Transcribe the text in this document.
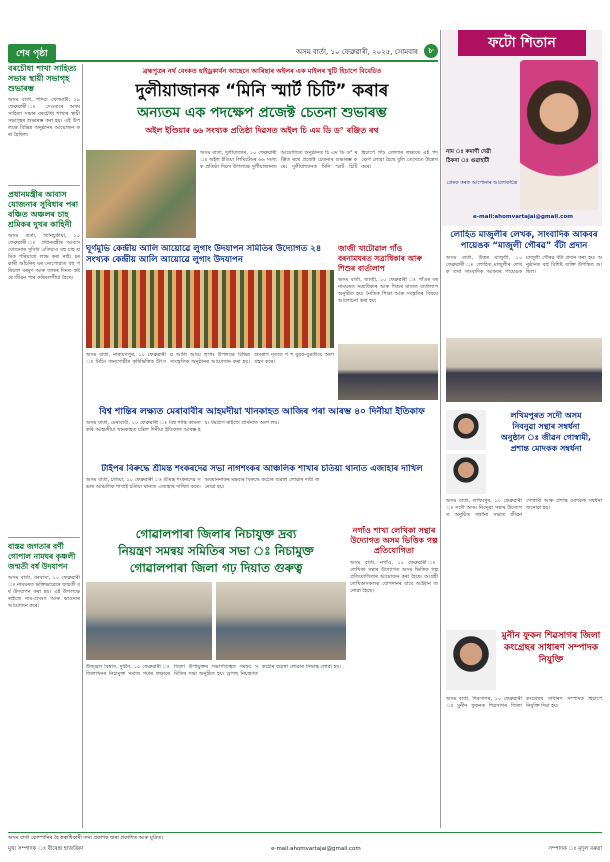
শেষ পৃষ্ঠা	অসম বাৰ্তা, ১০ ফেব্ৰুৱাৰী, ২০২৫, সোমবাৰ	৮
ব্ৰহ্মপুত্ৰৰ নৰ্থ বেংকত হাইড্ৰকাৰ্বন আছেনে আৰিছাৰ অইলৰ এক মাইলৰ খুটি হিচাপে বিবেচিত
দুলীয়াজানক “মিনি স্মাৰ্ট চিটি” কৰাৰ
অন্যতম এক পদক্ষেপ প্ৰজেক্ট চেতনা শুভাৰম্ভ
অইল ইণ্ডিয়াৰ ৬৬ সংখ্যক প্ৰতিষ্ঠা দিৱসত অইল চি এম ডি ড° ৰঞ্জিত ৰথ
বৰচৌধা শাখা সাহিত্য সভাৰ স্থায়ী সভাগৃহ শুভাৰম্ভ
অসম বাৰ্তা, শদিয়া খেলমাটী, ১৯ ফেব্ৰুৱাৰী ঃ দেওবাৰে অসম সাহিত্য সভাৰ বৰচৌধা শাখাৰ স্থায়ী সভাগৃহৰ শুভাৰম্ভ কৰা হয়। এই উপলক্ষে বিভিন্ন অনুষ্ঠানৰ আয়োজন কৰা হৈছিল।
প্ৰধানমন্ত্ৰীৰ আবাস যোজনাৰ সুবিধাৰ পৰা বঞ্চিত অঞ্চলৰ চাহ শ্ৰমিকৰ দুখৰ কাহিনী
অসম বাৰ্তা, তিনিচুকীয়া, ১০ ফেব্ৰুৱাৰী ঃ প্ৰধানমন্ত্ৰীৰ আবাস যোজনাৰ সুবিধা এতিয়াও বহু চাহ শ্ৰমিক পৰিয়ালে লাভ কৰা নাই। চৰকাৰী আঁচনিৰ ঘৰ নোপোৱাত বহু পৰিয়াল বৰষুণ আৰু জাৰৰ দিনত কষ্টৰে জীৱন পাৰ কৰিবলগীয়া হৈছে।
বাস্তৱ জগতাৰ বৰ্ণী গোপাল নামঘৰ কৃষ্ণলী জন্মতী বৰ্ষ উদযাপন
অসম বাৰ্তা, বৰবাসা, ১০ ফেব্ৰুৱাৰী ঃ নামঘৰত ভক্তিভাৱেৰে জন্মতী বৰ্ষ উদযাপন কৰা হয়। এই উপলক্ষে ৰাইজে নাম-প্ৰসংগ আৰু ভাওনাৰ আয়োজন কৰে।
অসম বাৰ্তা, দুলীয়াজান, ১০ ফেব্ৰুৱাৰী ঃ অইল ইণ্ডিয়া লিমিটেডৰ ৬৬ সংখ্যক প্ৰতিষ্ঠা দিৱস উপলক্ষে দুলীয়াজানত আয়োজিত অনুষ্ঠানত চি এম ডি ড° ৰঞ্জিত ৰথে প্ৰজেক্ট চেতনাৰ শুভাৰম্ভ কৰে। দুলীয়াজানক মিনি স্মাৰ্ট চিটি হিচাপে গঢ়ি তোলাৰ লক্ষ্যৰে এই পদক্ষেপ লোৱা হৈছে বুলি তেখেতে উল্লেখ কৰে।
ঘূৰ্ণমুভি কেন্দ্ৰীয় আলি আয়োৱে লুগাং উদযাপন সমিতিৰ উদ্যোগত ২৪ সংখ্যক কেন্দ্ৰীয় আলি আয়োৱে লুগাং উদযাপন
অসম বাৰ্তা, নাৰায়ণপুৰ, ১০ ফেব্ৰুৱাৰী ঃ মিচিং জনগোষ্ঠীৰ কৃষিভিত্তিক উৎসৱ আলি আয়ে লৃগাং উপলক্ষে বিভিন্ন সাংস্কৃতিক অনুষ্ঠানৰ আয়োজন কৰা হয়। গুমৰাগ নৃত্যত শ শ যুৱক-যুৱতীয়ে অংশগ্ৰহণ কৰে।
জাজী খাটোৱাল গাঁও বৰনামঘৰত সত্ৰাধিকাৰ আৰু শিশুৰ বাৰ্তালাপ
অসম বাৰ্তা, জাজী, ১০ ফেব্ৰুৱাৰী ঃ গাঁওৰ বৰনামঘৰত সত্ৰাধিকাৰ আৰু শিশুৰ মাজত বাৰ্তালাপ অনুষ্ঠিত হয়। নৈতিক শিক্ষা আৰু সংস্কৃতিৰ বিষয়ে আলোচনা কৰা হয়।
বিশ্ব শান্তিৰ লক্ষ্যত মেৰাবাবীৰ আহমদীয়া খানকাহত আজিৰ পৰা আৰম্ভ ৪০ দিনীয়া ইতিকাফ
অসম বাৰ্তা, মেৰাবাবী, ১০ ফেব্ৰুৱাৰী ঃ বিশ্ব শান্তি কামনা কৰি আহমদীয়া খানকাহত চল্লিশ দিনীয়া ইতিকাফ আৰম্ভ হয়। ধৰ্মপ্ৰাণ ৰাইজে প্ৰাৰ্থনাত অংশ লয়।
টাইপৰ বিৰুদ্ধে শ্ৰীমন্ত শংকৰদেৱ সভা নাগশংকৰ আঞ্চলিক শাখাৰ চতিয়া থানাত এজাহাৰ দাখিল
অসম বাৰ্তা, চতিয়া, ১০ ফেব্ৰুৱাৰী ঃ শ্ৰীমন্ত শংকৰদেৱ সভাৰ আঞ্চলিক শাখাই চতিয়া থানাত এজাহাৰ দাখিল কৰে। অবমাননাকৰ মন্তব্যৰ বিৰুদ্ধে কঠোৰ ব্যৱস্থা লোৱাৰ দাবী জনোৱা হয়।
গোৱালপাৰা জিলাৰ নিচাযুক্ত দ্ৰব্য
নিয়ন্ত্ৰণ সমন্বয় সমিতিৰ সভা ঃ নিচামুক্ত
গোৱালপাৰা জিলা গঢ় দিয়াত গুৰুত্ব
উজ্জ্বল বিশ্বাস, দুধনৈ, ১০ ফেব্ৰুৱাৰী ঃ জিলাখনৰ নিচামুক্ত সমাজ গঢ়াৰ লক্ষ্যৰে জিলা উপায়ুক্তৰ সভাপতিত্বত সমন্বয় সমিতিৰ সভা অনুষ্ঠিত হয়। ড্ৰাগছ নিয়ন্ত্ৰণত কঠোৰ ব্যৱস্থা লোৱাৰ সিদ্ধান্ত লোৱা হয়।
নগাঁও শাখা লেখিকা সন্থাৰ উদ্যোগত অসম ভিত্তিক গল্প প্ৰতিযোগিতা
অসম বাৰ্তা, নগাঁও, ১০ ফেব্ৰুৱাৰী ঃ লেখিকা সন্থাৰ উদ্যোগত অসম ভিত্তিক গল্প প্ৰতিযোগিতাৰ আয়োজন কৰা হৈছে। আগ্ৰহী লেখিকাসকলক যোগদানৰ বাবে আহ্বান জনোৱা হৈছে।
ফটো শিতান
নাম ঃ ৰুমাৰ্ণী দেৱী
ঠিকনা ঃ গুৱাহাটী
প্ৰেৰক কৰক আপোনাৰ আলোকচিত্ৰ
e-mail:ahomvartajai@gmail.com
লোহিত মাজুলীৰ লেখক, সাংবাদিক আকবৰ পায়েঙক “মাজুলী গৌৰৱ” বঁটা প্ৰদান
অসম বাৰ্তা, উত্তৰ মাজুলী, ১০ ফেব্ৰুৱাৰী ঃ লোহিত মাজুলীৰ লেখক তথা সাংবাদিক আকবৰ পায়েঙক মাজুলী গৌৰৱ বঁটা প্ৰদান কৰা হয়। অনুষ্ঠানত বহু বিশিষ্ট ব্যক্তি উপস্থিত আছিল।
লখিমপুৰত সদৌ অসম
নিবনুৱা সন্থাৰ সম্বৰ্ধনা
অনুষ্ঠান ঃ জীৱন গোস্বামী,
প্ৰশান্ত মোদকক সম্বৰ্ধনা
অসম বাৰ্তা, লখিমপুৰ, ১০ ফেব্ৰুৱাৰী ঃ সদৌ অসম নিবনুৱা সন্থাৰ উদ্যোগত অনুষ্ঠিত সম্বৰ্ধনা সভাত জীৱন গোস্বামী আৰু প্ৰশান্ত মোদকক সম্বৰ্ধনা জনোৱা হয়।
মুনীন ফুকন শিৱসাগৰ জিলা কংগ্ৰেছৰ সাধাৰণ সম্পাদক নিযুক্তি
অসম বাৰ্তা, শিৱসাগৰ, ১০ ফেব্ৰুৱাৰী ঃ মুনীন ফুকনক শিৱসাগৰ জিলা কংগ্ৰেছৰ সাধাৰণ সম্পাদক হিচাপে নিযুক্তি দিয়া হয়।
অসম বাৰ্তা কোম্পানিৰ হৈ স্বত্বাধিকাৰী তথা প্ৰকাশক দ্বাৰা প্ৰকাশিত আৰু মুদ্ৰিত।
মুখ্য সম্পাদক ঃ বীৰেন্দ্ৰ হাজৰিকা	e-mail:ahomvartajai@gmail.com	সম্পাদক ঃ মৃদুল বৰুৱা
